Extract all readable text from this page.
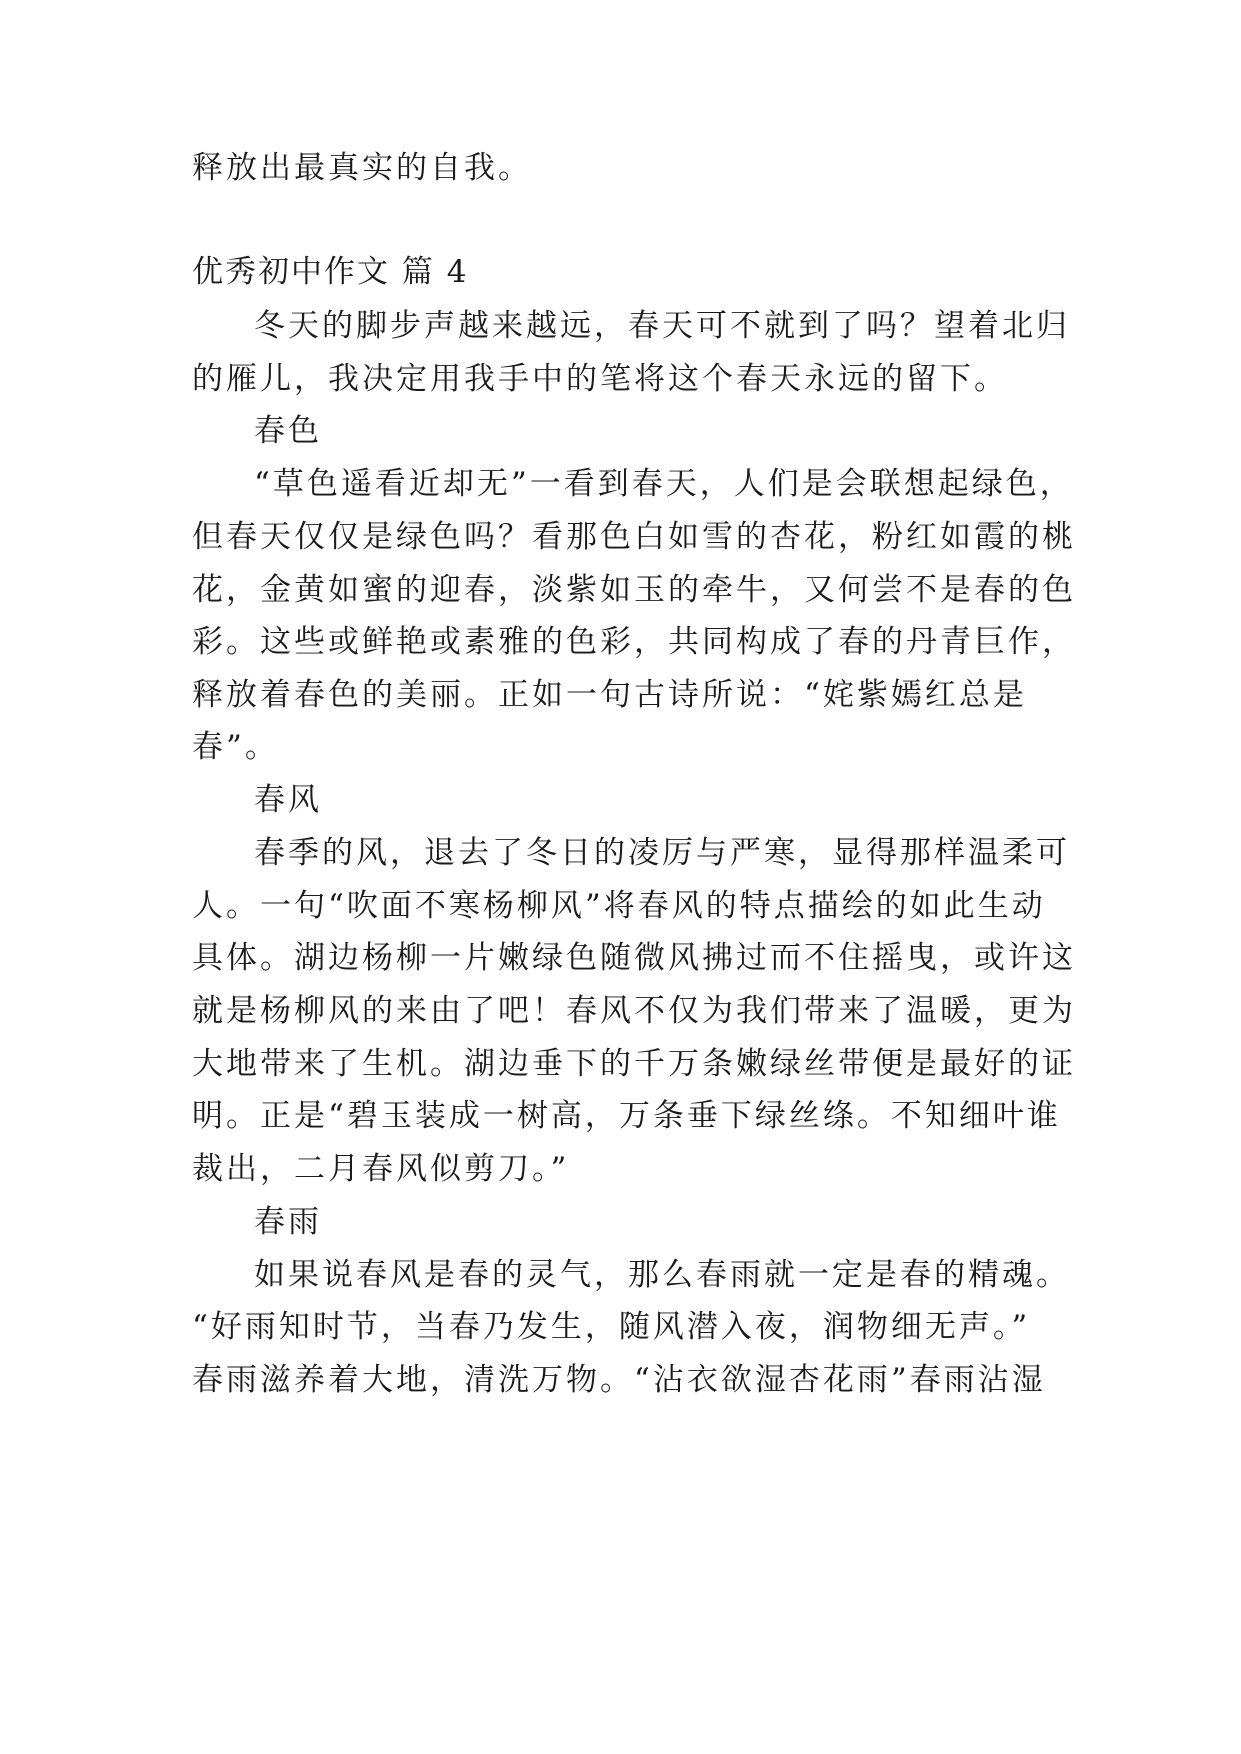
释放出最真实的自我。
优秀初中作文 篇 4
冬天的脚步声越来越远，春天可不就到了吗？望着北归
的雁儿，我决定用我手中的笔将这个春天永远的留下。
春色
“草色遥看近却无”一看到春天，人们是会联想起绿色，
但春天仅仅是绿色吗？看那色白如雪的杏花，粉红如霞的桃
花，金黄如蜜的迎春，淡紫如玉的牵牛，又何尝不是春的色
彩。这些或鲜艳或素雅的色彩，共同构成了春的丹青巨作，
释放着春色的美丽。正如一句古诗所说：“姹紫嫣红总是
春”。
春风
春季的风，退去了冬日的凌厉与严寒，显得那样温柔可
人。一句“吹面不寒杨柳风”将春风的特点描绘的如此生动
具体。湖边杨柳一片嫩绿色随微风拂过而不住摇曳，或许这
就是杨柳风的来由了吧！春风不仅为我们带来了温暖，更为
大地带来了生机。湖边垂下的千万条嫩绿丝带便是最好的证
明。正是“碧玉装成一树高，万条垂下绿丝绦。不知细叶谁
裁出，二月春风似剪刀。”
春雨
如果说春风是春的灵气，那么春雨就一定是春的精魂。
“好雨知时节，当春乃发生，随风潜入夜，润物细无声。”
春雨滋养着大地，清洗万物。“沾衣欲湿杏花雨”春雨沾湿
